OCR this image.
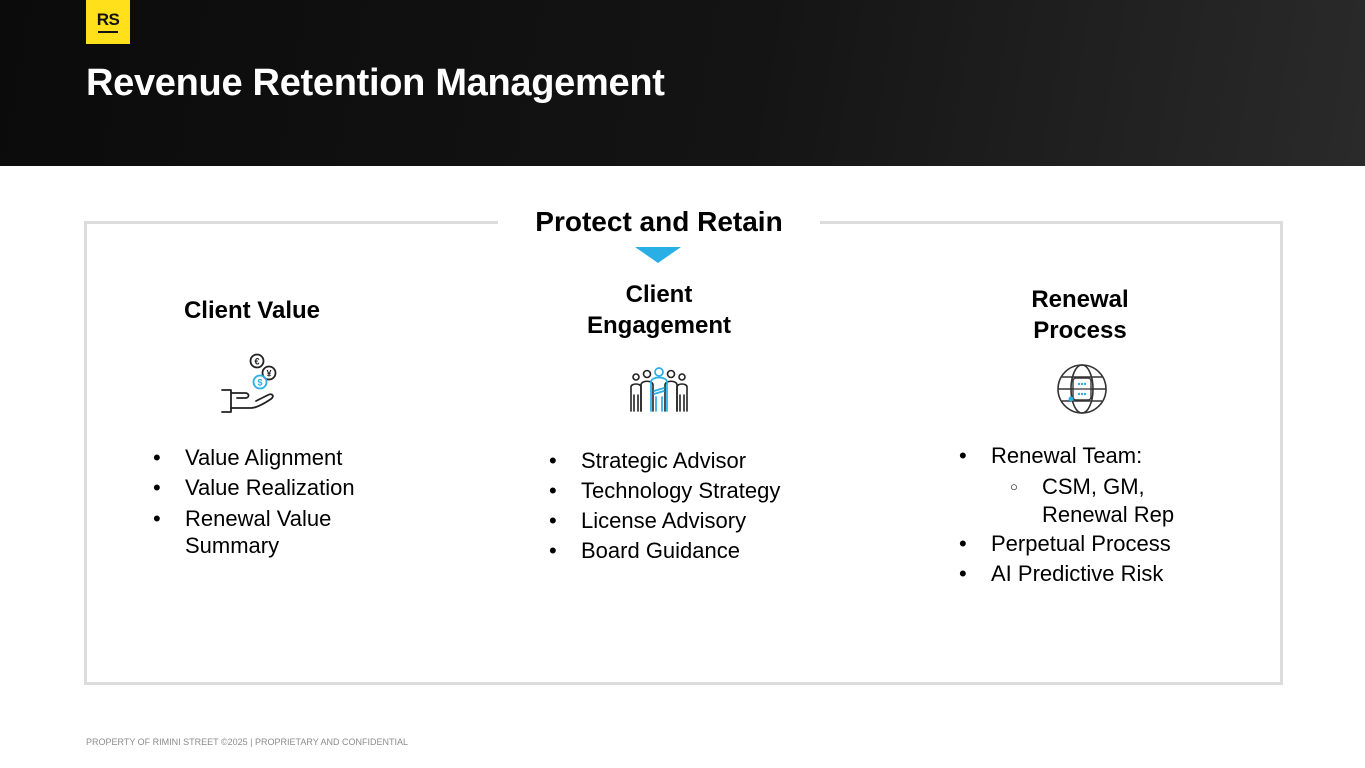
RS
Revenue Retention Management
Protect and Retain
Client Value
€
¥
$
• Value Alignment
• Value Realization
• Renewal Value
Summary
Client
Engagement
• Strategic Advisor
• Technology Strategy
• License Advisory
• Board Guidance
Renewal
Process
• Renewal Team:
○ CSM, GM,
Renewal Rep
• Perpetual Process
• AI Predictive Risk
PROPERTY OF RIMINI STREET ©2025 | PROPRIETARY AND CONFIDENTIAL
